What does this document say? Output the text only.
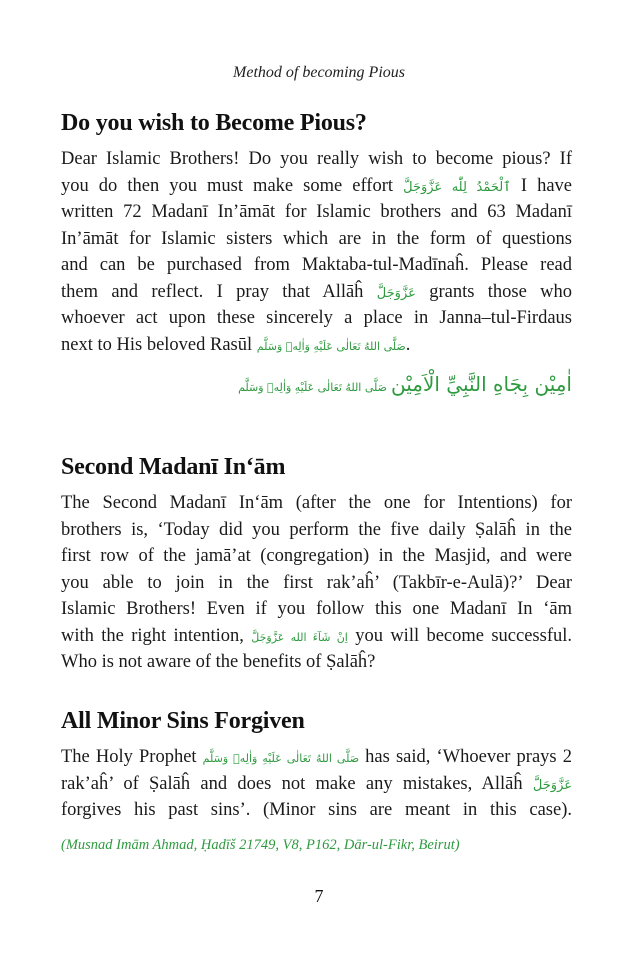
Method of becoming Pious
Do you wish to Become Pious?
Dear Islamic Brothers! Do you really wish to become pious? If
you do then you must make some effort ٱلْحَمْدُ لِلّٰه عَزَّوَجَلَّ I have
written 72 Madanī In’āmāt for Islamic brothers and 63 Madanī
In’āmāt for Islamic sisters which are in the form of questions
and can be purchased from Maktaba-tul-Madīnaĥ. Please read
them and reflect. I pray that Allāĥ عَزَّوَجَلَّ grants those who
whoever act upon these sincerely a place in Janna–tul-Firdaus
next to His beloved Rasūl صَلَّى اللهُ تَعَالٰى عَلَيْهِ وَاٰلِهٖ وَسَلَّم.
اٰمِيْن بِجَاهِ النَّبِيِّ الْاَمِيْن صَلَّى اللهُ تَعَالٰى عَلَيْهِ وَاٰلِهٖ وَسَلَّم
Second Madanī In‘ām
The Second Madanī In‘ām (after the one for Intentions) for
brothers is, ‘Today did you perform the five daily Ṣalāĥ in the
first row of the jamā’at (congregation) in the Masjid, and were
you able to join in the first rak’aĥ’ (Takbīr-e-Aulā)?’ Dear
Islamic Brothers! Even if you follow this one Madanī In ‘ām
with the right intention, اِنْ شَآءَ الله عَزَّوَجَلَّ you will become successful.
Who is not aware of the benefits of Ṣalāĥ?
All Minor Sins Forgiven
The Holy Prophet صَلَّى اللهُ تَعَالٰى عَلَيْهِ وَاٰلِهٖ وَسَلَّم has said, ‘Whoever prays 2
rak’aĥ’ of Ṣalāĥ and does not make any mistakes, Allāĥ عَزَّوَجَلَّ
forgives his past sins’. (Minor sins are meant in this case).
(Musnad Imām Ahmad, Ḥadīš 21749, V8, P162, Dār-ul-Fikr, Beirut)
7
